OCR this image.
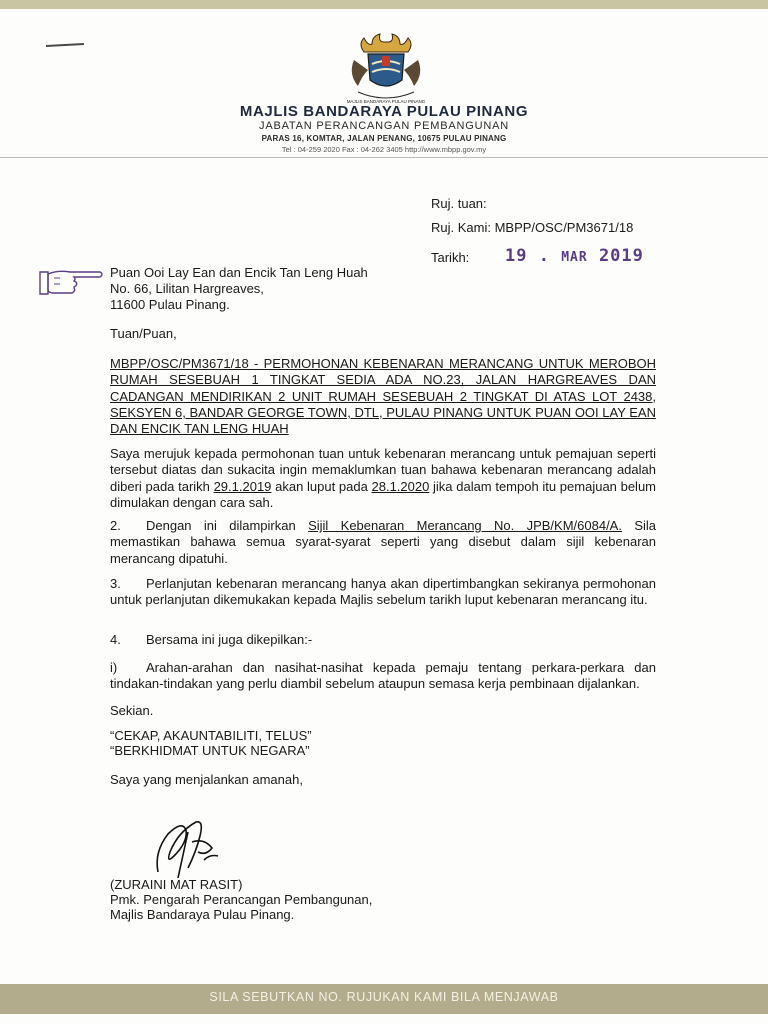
MAJLIS BANDARAYA PULAU PINANG
MAJLIS BANDARAYA PULAU PINANG
JABATAN PERANCANGAN PEMBANGUNAN
PARAS 16, KOMTAR, JALAN PENANG, 10675 PULAU PINANG
Tel : 04-259 2020 Fax : 04-262 3405 http://www.mbpp.gov.my
Ruj. tuan:
Ruj. Kami: MBPP/OSC/PM3671/18
Tarikh: 19 . MAR 2019
Puan Ooi Lay Ean dan Encik Tan Leng Huah
No. 66, Lilitan Hargreaves,
11600 Pulau Pinang.
Tuan/Puan,
MBPP/OSC/PM3671/18 - PERMOHONAN KEBENARAN MERANCANG UNTUK MEROBOH RUMAH SESEBUAH 1 TINGKAT SEDIA ADA NO.23, JALAN HARGREAVES DAN CADANGAN MENDIRIKAN 2 UNIT RUMAH SESEBUAH 2 TINGKAT DI ATAS LOT 2438, SEKSYEN 6, BANDAR GEORGE TOWN, DTL, PULAU PINANG UNTUK PUAN OOI LAY EAN DAN ENCIK TAN LENG HUAH
Saya merujuk kepada permohonan tuan untuk kebenaran merancang untuk pemajuan seperti tersebut diatas dan sukacita ingin memaklumkan tuan bahawa kebenaran merancang adalah diberi pada tarikh 29.1.2019 akan luput pada 28.1.2020 jika dalam tempoh itu pemajuan belum dimulakan dengan cara sah.
2.	Dengan ini dilampirkan Sijil Kebenaran Merancang No. JPB/KM/6084/A. Sila memastikan bahawa semua syarat-syarat seperti yang disebut dalam sijil kebenaran merancang dipatuhi.
3.	Perlanjutan kebenaran merancang hanya akan dipertimbangkan sekiranya permohonan untuk perlanjutan dikemukakan kepada Majlis sebelum tarikh luput kebenaran merancang itu.
4. Bersama ini juga dikepilkan:-
i)	Arahan-arahan dan nasihat-nasihat kepada pemaju tentang perkara-perkara dan tindakan-tindakan yang perlu diambil sebelum ataupun semasa kerja pembinaan dijalankan.
Sekian.
“CEKAP, AKAUNTABILITI, TELUS”
“BERKHIDMAT UNTUK NEGARA”
Saya yang menjalankan amanah,
(ZURAINI MAT RASIT)
Pmk. Pengarah Perancangan Pembangunan,
Majlis Bandaraya Pulau Pinang.
SILA SEBUTKAN NO. RUJUKAN KAMI BILA MENJAWAB
